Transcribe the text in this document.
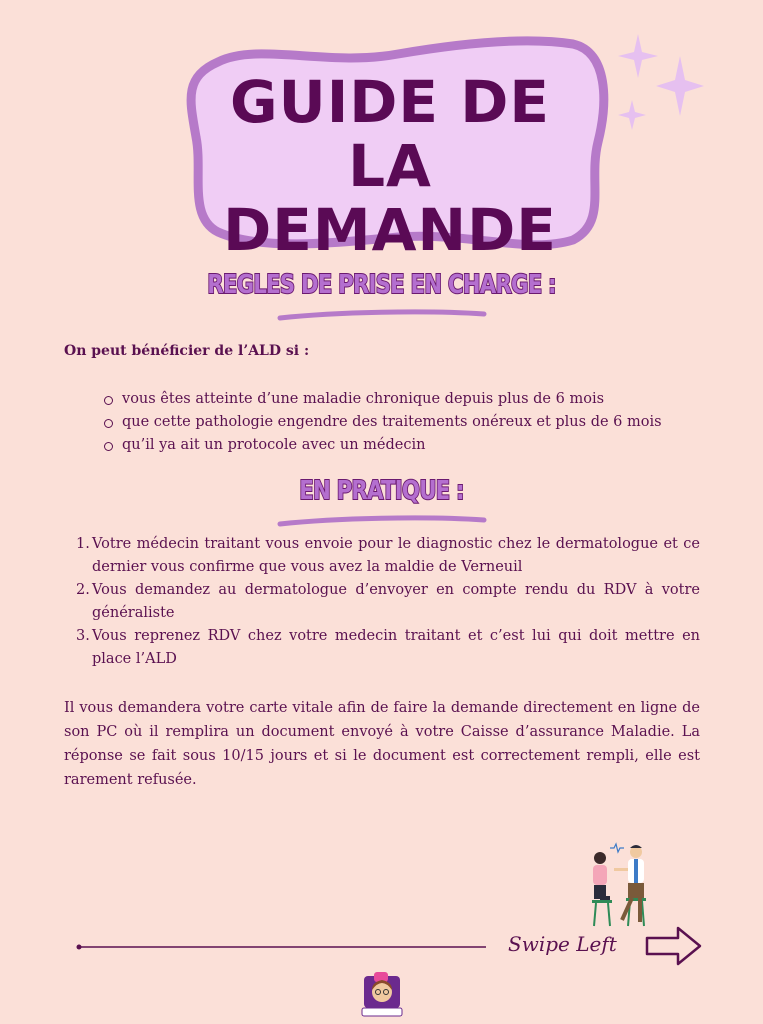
GUIDE DE LA
DEMANDE
REGLES DE PRISE EN CHARGE :
On peut bénéficier de l’ALD si :
vous êtes atteinte d’une maladie chronique depuis plus de 6 mois
que cette pathologie engendre des traitements onéreux et plus de 6 mois
qu’il ya ait un protocole avec un médecin
EN PRATIQUE :
1. Votre médecin traitant vous envoie pour le diagnostic chez le dermatologue et ce dernier vous confirme que vous avez la maldie de Verneuil
2. Vous demandez au dermatologue d’envoyer en compte rendu du RDV à votre généraliste
3. Vous reprenez RDV chez votre medecin traitant et c’est lui qui doit mettre en place l’ALD
Il vous demandera votre carte vitale afin de faire la demande directement en ligne de son PC où il remplira un document envoyé à votre Caisse d’assurance Maladie. La réponse se fait sous 10/15 jours et si le document est correctement rempli, elle est rarement refusée.
Swipe Left
